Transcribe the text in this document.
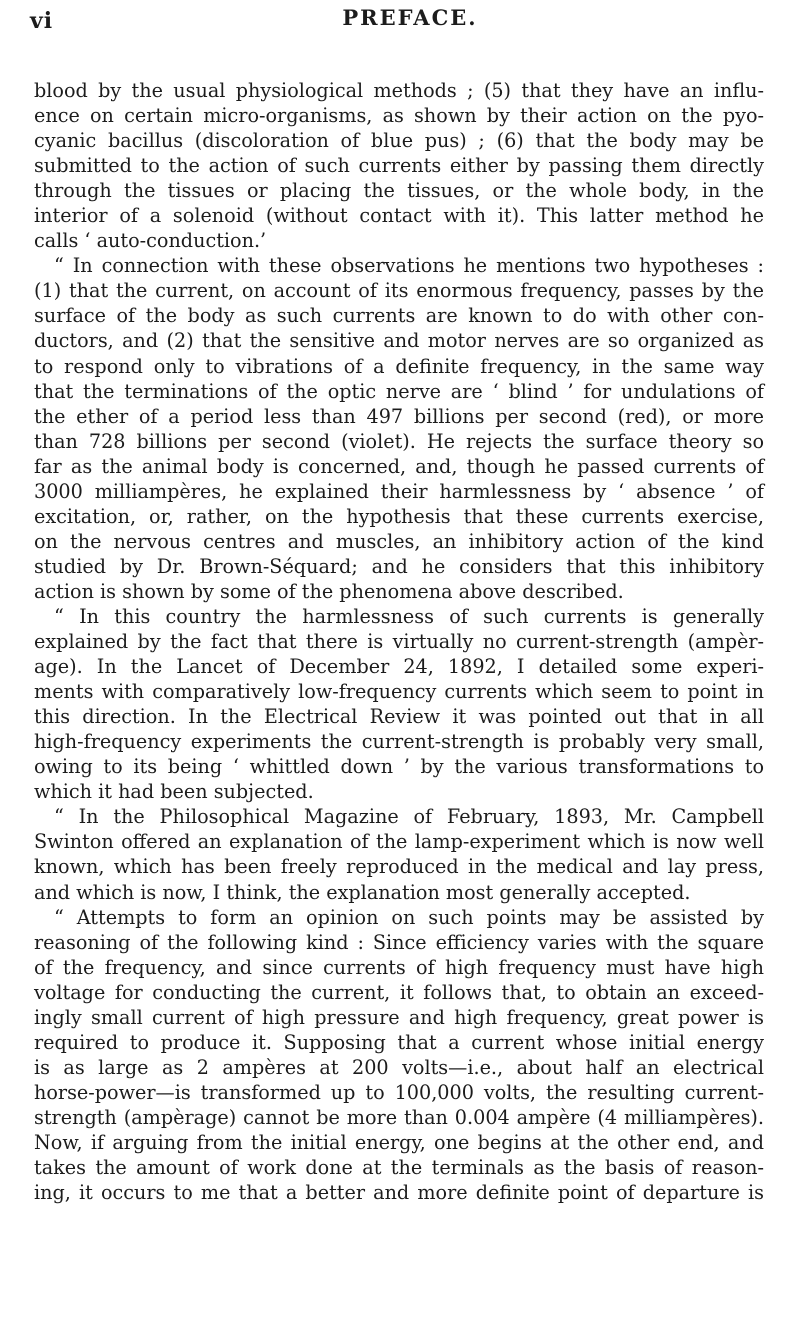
vi	PREFACE.
blood by the usual physiological methods ; (5) that they have an influ-
ence on certain micro-organisms, as shown by their action on the pyo-
cyanic bacillus (discoloration of blue pus) ; (6) that the body may be
submitted to the action of such currents either by passing them directly
through the tissues or placing the tissues, or the whole body, in the
interior of a solenoid (without contact with it). This latter method he
calls ‘ auto-conduction.’
“ In connection with these observations he mentions two hypotheses :
(1) that the current, on account of its enormous frequency, passes by the
surface of the body as such currents are known to do with other con-
ductors, and (2) that the sensitive and motor nerves are so organized as
to respond only to vibrations of a definite frequency, in the same way
that the terminations of the optic nerve are ‘ blind ’ for undulations of
the ether of a period less than 497 billions per second (red), or more
than 728 billions per second (violet). He rejects the surface theory so
far as the animal body is concerned, and, though he passed currents of
3000 milliampères, he explained their harmlessness by ‘ absence ’ of
excitation, or, rather, on the hypothesis that these currents exercise,
on the nervous centres and muscles, an inhibitory action of the kind
studied by Dr. Brown-Séquard; and he considers that this inhibitory
action is shown by some of the phenomena above described.
“ In this country the harmlessness of such currents is generally
explained by the fact that there is virtually no current-strength (ampèr-
age). In the Lancet of December 24, 1892, I detailed some experi-
ments with comparatively low-frequency currents which seem to point in
this direction. In the Electrical Review it was pointed out that in all
high-frequency experiments the current-strength is probably very small,
owing to its being ‘ whittled down ’ by the various transformations to
which it had been subjected.
“ In the Philosophical Magazine of February, 1893, Mr. Campbell
Swinton offered an explanation of the lamp-experiment which is now well
known, which has been freely reproduced in the medical and lay press,
and which is now, I think, the explanation most generally accepted.
“ Attempts to form an opinion on such points may be assisted by
reasoning of the following kind : Since efficiency varies with the square
of the frequency, and since currents of high frequency must have high
voltage for conducting the current, it follows that, to obtain an exceed-
ingly small current of high pressure and high frequency, great power is
required to produce it. Supposing that a current whose initial energy
is as large as 2 ampères at 200 volts—i.e., about half an electrical
horse-power—is transformed up to 100,000 volts, the resulting current-
strength (ampèrage) cannot be more than 0.004 ampère (4 milliampères).
Now, if arguing from the initial energy, one begins at the other end, and
takes the amount of work done at the terminals as the basis of reason-
ing, it occurs to me that a better and more definite point of departure is
